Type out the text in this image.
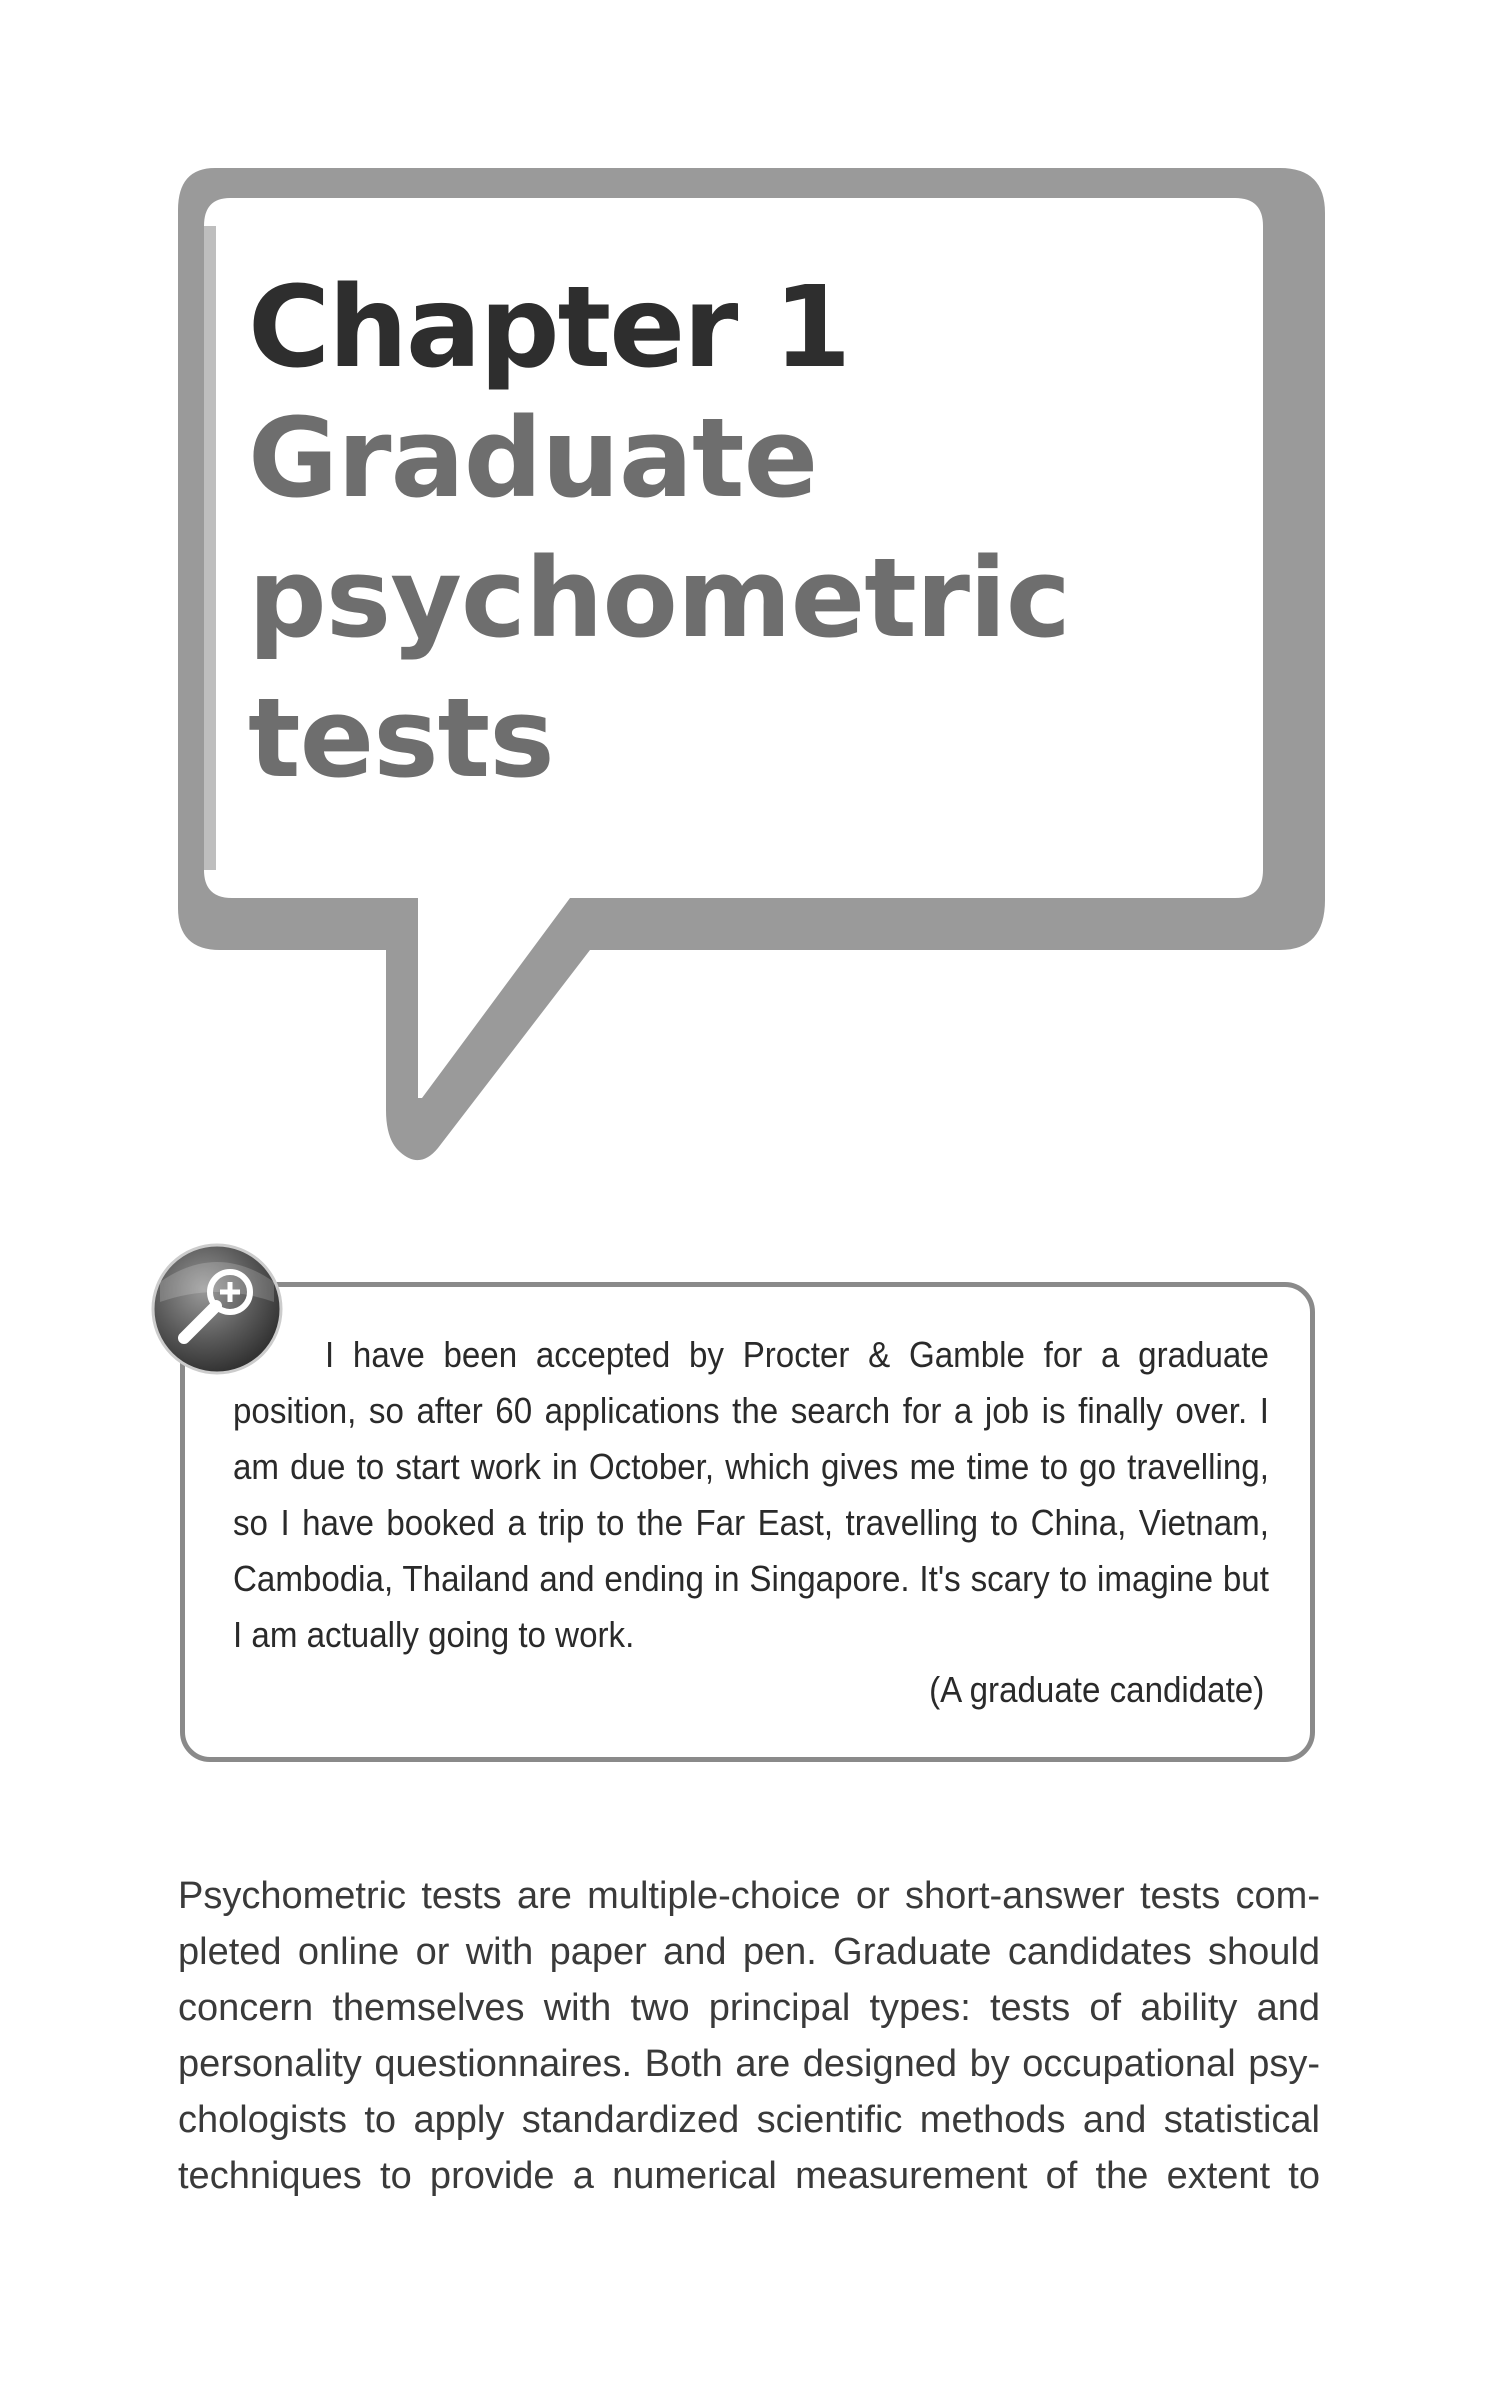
Chapter 1
Graduate
psychometric
tests

I have been accepted by Procter & Gamble for a graduate position, so after 60 applications the search for a job is finally over. I am due to start work in October, which gives me time to go travelling, so I have booked a trip to the Far East, travelling to China, Vietnam, Cambodia, Thailand and ending in Singapore. It's scary to imagine but I am actually going to work.

(A graduate candidate)

Psychometric tests are multiple-choice or short-answer tests com-
pleted online or with paper and pen. Graduate candidates should
concern themselves with two principal types: tests of ability and
personality questionnaires. Both are designed by occupational psy-
chologists to apply standardized scientific methods and statistical
techniques to provide a numerical measurement of the extent to
